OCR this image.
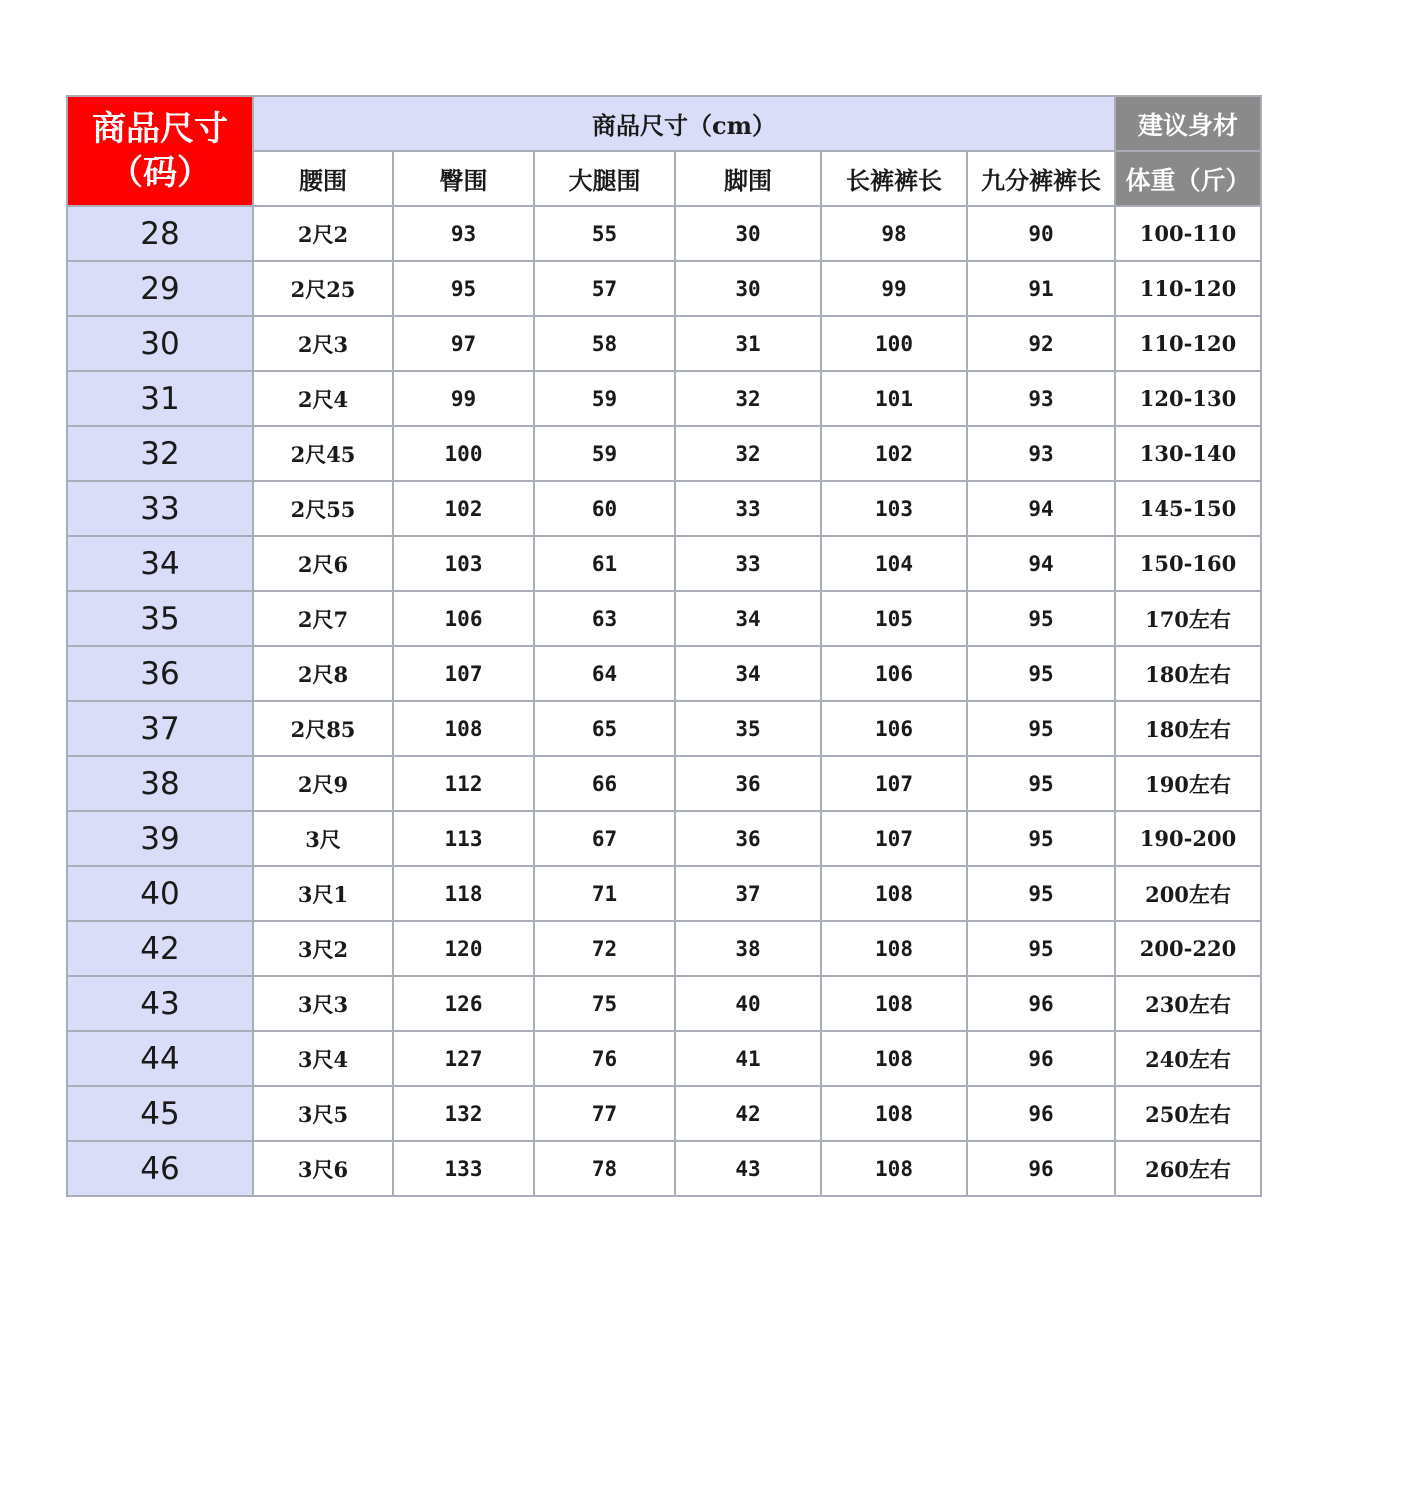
商品尺寸
（码）	商品尺寸（cm）						建议身材
	腰围	臀围	大腿围	脚围	长裤裤长	九分裤裤长	体重（斤）
28	2尺2	93	55	30	98	90	100-110
29	2尺25	95	57	30	99	91	110-120
30	2尺3	97	58	31	100	92	110-120
31	2尺4	99	59	32	101	93	120-130
32	2尺45	100	59	32	102	93	130-140
33	2尺55	102	60	33	103	94	145-150
34	2尺6	103	61	33	104	94	150-160
35	2尺7	106	63	34	105	95	170左右
36	2尺8	107	64	34	106	95	180左右
37	2尺85	108	65	35	106	95	180左右
38	2尺9	112	66	36	107	95	190左右
39	3尺	113	67	36	107	95	190-200
40	3尺1	118	71	37	108	95	200左右
42	3尺2	120	72	38	108	95	200-220
43	3尺3	126	75	40	108	96	230左右
44	3尺4	127	76	41	108	96	240左右
45	3尺5	132	77	42	108	96	250左右
46	3尺6	133	78	43	108	96	260左右
